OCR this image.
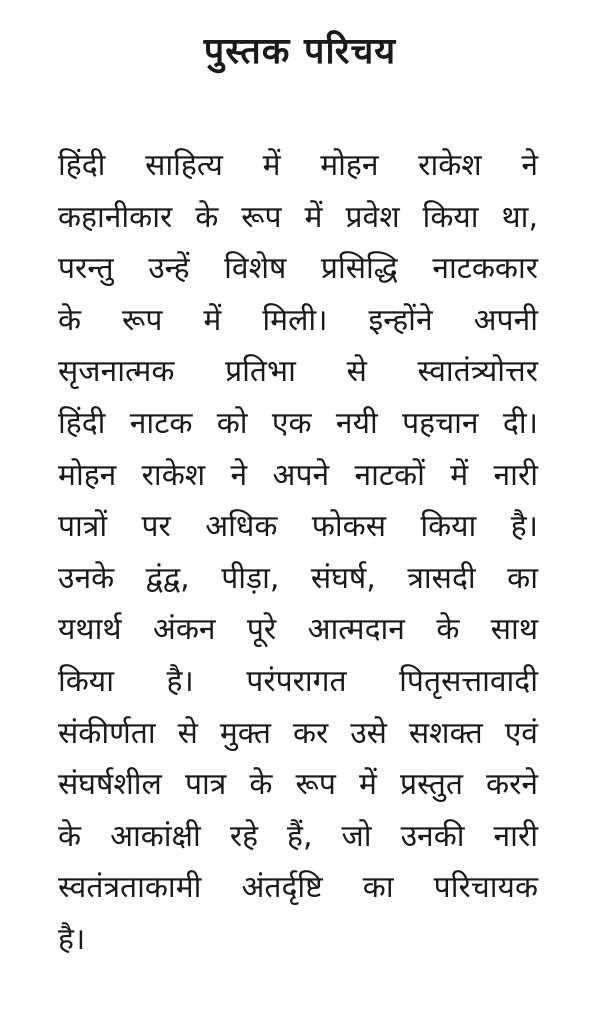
पुस्तक परिचय
हिंदी साहित्य में मोहन राकेश ने
कहानीकार के रूप में प्रवेश किया था,
परन्तु उन्हें विशेष प्रसिद्धि नाटककार
के रूप में मिली। इन्होंने अपनी
सृजनात्मक प्रतिभा से स्वातंत्र्योत्तर
हिंदी नाटक को एक नयी पहचान दी।
मोहन राकेश ने अपने नाटकों में नारी
पात्रों पर अधिक फोकस किया है।
उनके द्वंद्व, पीड़ा, संघर्ष, त्रासदी का
यथार्थ अंकन पूरे आत्मदान के साथ
किया है। परंपरागत पितृसत्तावादी
संकीर्णता से मुक्त कर उसे सशक्त एवं
संघर्षशील पात्र के रूप में प्रस्तुत करने
के आकांक्षी रहे हैं, जो उनकी नारी
स्वतंत्रताकामी अंतर्दृष्टि का परिचायक
है।
